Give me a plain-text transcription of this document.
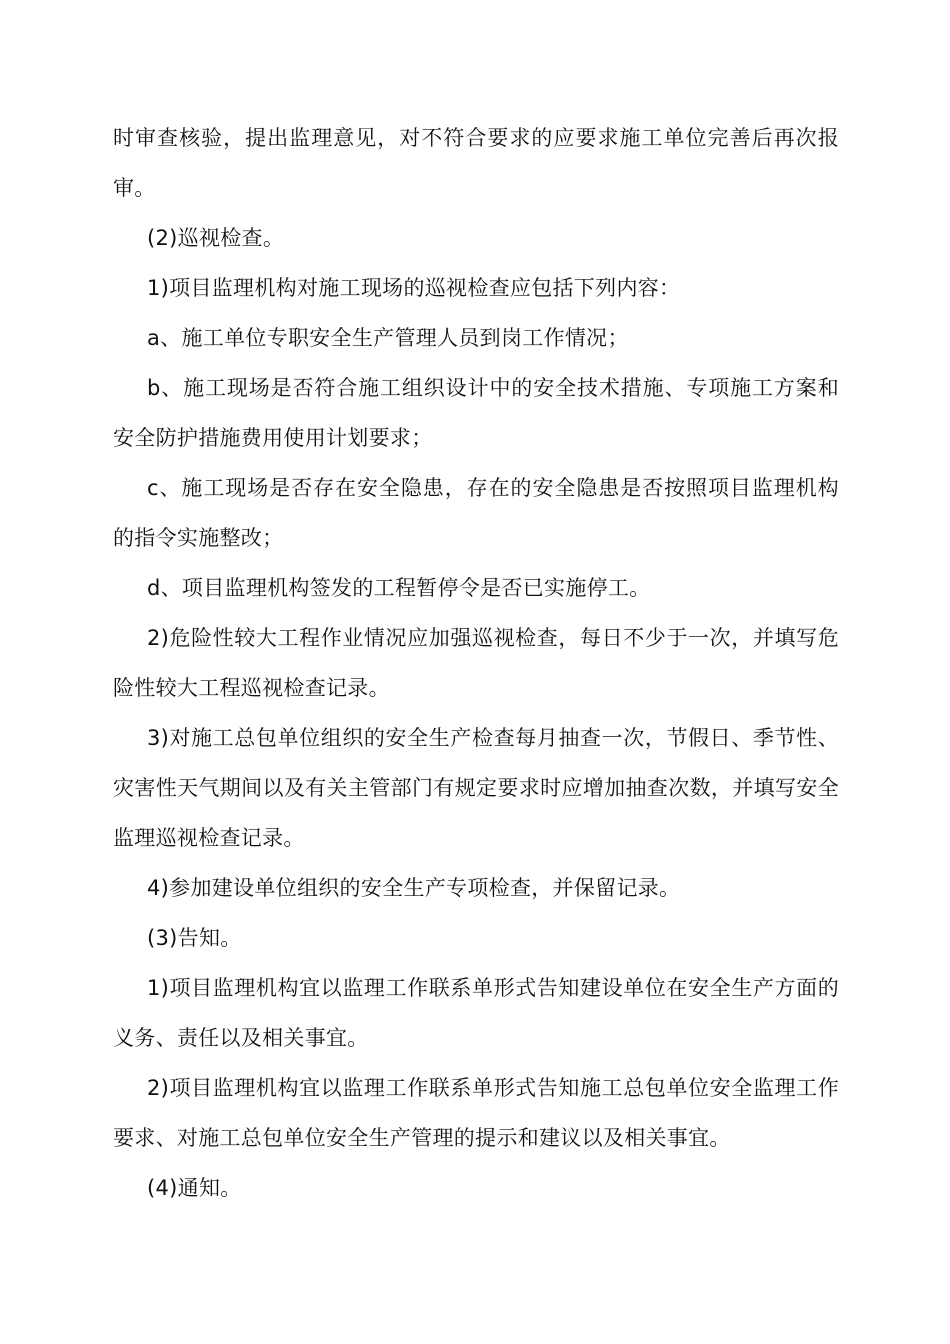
时审查核验，提出监理意见，对不符合要求的应要求施工单位完善后再次报审。

(2)巡视检查。

1)项目监理机构对施工现场的巡视检查应包括下列内容：

a、施工单位专职安全生产管理人员到岗工作情况；

b、施工现场是否符合施工组织设计中的安全技术措施、专项施工方案和安全防护措施费用使用计划要求；

c、施工现场是否存在安全隐患，存在的安全隐患是否按照项目监理机构的指令实施整改；

d、项目监理机构签发的工程暂停令是否已实施停工。

2)危险性较大工程作业情况应加强巡视检查，每日不少于一次，并填写危险性较大工程巡视检查记录。

3)对施工总包单位组织的安全生产检查每月抽查一次，节假日、季节性、灾害性天气期间以及有关主管部门有规定要求时应增加抽查次数，并填写安全监理巡视检查记录。

4)参加建设单位组织的安全生产专项检查，并保留记录。

(3)告知。

1)项目监理机构宜以监理工作联系单形式告知建设单位在安全生产方面的义务、责任以及相关事宜。

2)项目监理机构宜以监理工作联系单形式告知施工总包单位安全监理工作要求、对施工总包单位安全生产管理的提示和建议以及相关事宜。

(4)通知。
